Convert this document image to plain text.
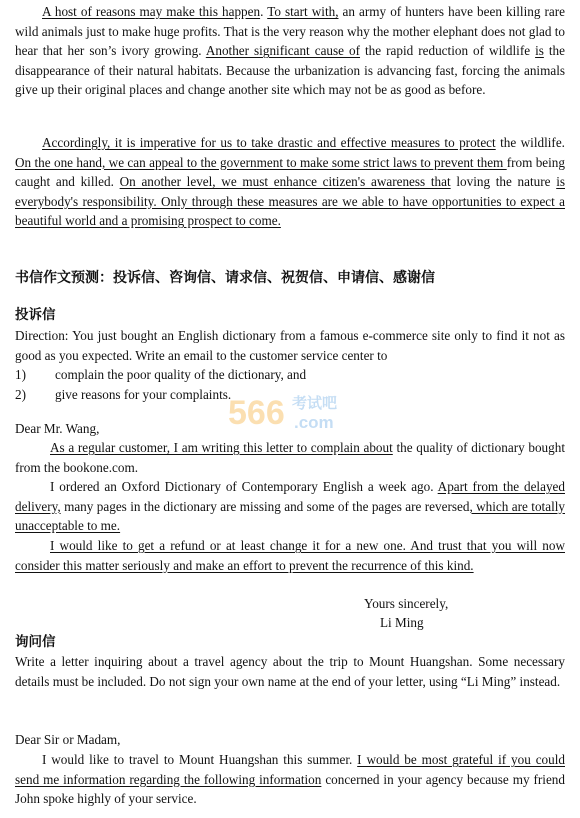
A host of reasons may make this happen. To start with, an army of hunters have been killing rare wild animals just to make huge profits. That is the very reason why the mother elephant does not glad to hear that her son’s ivory growing. Another significant cause of the rapid reduction of wildlife is the disappearance of their natural habitats. Because the urbanization is advancing fast, forcing the animals give up their original places and change another site which may not be as good as before.

Accordingly, it is imperative for us to take drastic and effective measures to protect the wildlife. On the one hand, we can appeal to the government to make some strict laws to prevent them from being caught and killed. On another level, we must enhance citizen's awareness that loving the nature is everybody's responsibility. Only through these measures are we able to have opportunities to expect a beautiful world and a promising prospect to come.

书信作文预测：投诉信、咨询信、请求信、祝贺信、申请信、感谢信
投诉信

Direction: You just bought an English dictionary from a famous e-commerce site only to find it not as good as you expected. Write an email to the customer service center to

1)	complain the poor quality of the dictionary, and
2)	give reasons for your complaints.
Dear Mr. Wang,

As a regular customer, I am writing this letter to complain about the quality of dictionary bought from the bookone.com.

I ordered an Oxford Dictionary of Contemporary English a week ago. Apart from the delayed delivery, many pages in the dictionary are missing and some of the pages are reversed, which are totally unacceptable to me.

I would like to get a refund or at least change it for a new one. And trust that you will now consider this matter seriously and make an effort to prevent the recurrence of this kind.

Yours sincerely,
Li Ming
询问信

Write a letter inquiring about a travel agency about the trip to Mount Huangshan. Some necessary details must be included. Do not sign your own name at the end of your letter, using “Li Ming” instead.

Dear Sir or Madam,

I would like to travel to Mount Huangshan this summer. I would be most grateful if you could send me information regarding the following information concerned in your agency because my friend John spoke highly of your service.

566 考试吧
.com
